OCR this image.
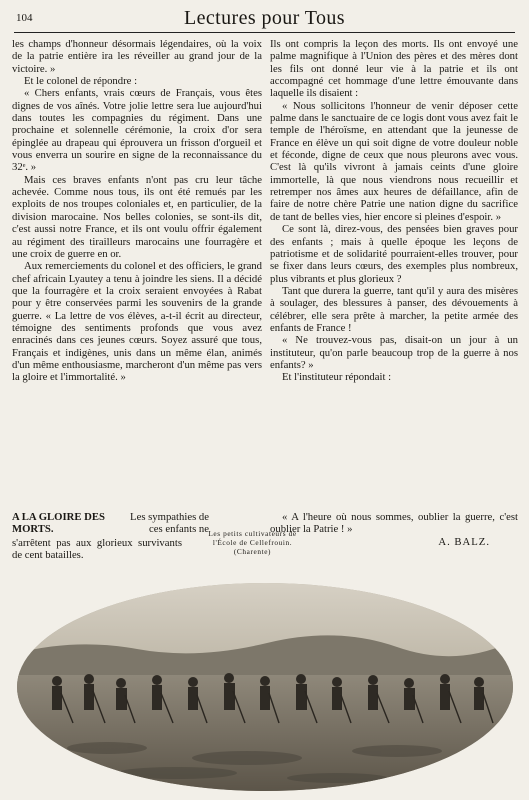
104	Lectures pour Tous

les champs d'honneur désormais légendaires, où la voix de la patrie entière ira les réveiller au grand jour de la victoire. »

Et le colonel de répondre :

« Chers enfants, vrais cœurs de Français, vous êtes dignes de vos aînés. Votre jolie lettre sera lue aujourd'hui dans toutes les compagnies du régiment. Dans une prochaine et solennelle cérémonie, la croix d'or sera épinglée au drapeau qui éprouvera un frisson d'orgueil et vous enverra un sourire en signe de la reconnaissance du 32ᵉ. »

Mais ces braves enfants n'ont pas cru leur tâche achevée. Comme nous tous, ils ont été remués par les exploits de nos troupes coloniales et, en particulier, de la division marocaine. Nos belles colonies, se sont-ils dit, c'est aussi notre France, et ils ont voulu offrir également au régiment des tirailleurs marocains une fourragère et une croix de guerre en or.

Aux remerciements du colonel et des officiers, le grand chef africain Lyautey a tenu à joindre les siens. Il a décidé que la fourragère et la croix seraient envoyées à Rabat pour y être conservées parmi les souvenirs de la grande guerre. « La lettre de vos élèves, a-t-il écrit au directeur, témoigne des sentiments profonds que vous avez enracinés dans ces jeunes cœurs. Soyez assuré que tous, Français et indigènes, unis dans un même élan, animés d'un même enthousiasme, marcheront d'un même pas vers la gloire et l'immortalité. »

Ils ont compris la leçon des morts. Ils ont envoyé une palme magnifique à l'Union des pères et des mères dont les fils ont donné leur vie à la patrie et ils ont accompagné cet hommage d'une lettre émouvante dans laquelle ils disaient :

« Nous sollicitons l'honneur de venir déposer cette palme dans le sanctuaire de ce logis dont vous avez fait le temple de l'héroïsme, en attendant que la jeunesse de France en élève un qui soit digne de votre douleur noble et féconde, digne de ceux que nous pleurons avec vous. C'est là qu'ils vivront à jamais ceints d'une gloire immortelle, là que nous viendrons nous recueillir et retremper nos âmes aux heures de défaillance, afin de faire de notre chère Patrie une nation digne du sacrifice de tant de belles vies, hier encore si pleines d'espoir. »

Ce sont là, direz-vous, des pensées bien graves pour des enfants ; mais à quelle époque les leçons de patriotisme et de solidarité pourraient-elles trouver, pour se fixer dans leurs cœurs, des exemples plus nombreux, plus vibrants et plus glorieux ?

Tant que durera la guerre, tant qu'il y aura des misères à soulager, des blessures à panser, des dévouements à célébrer, elle sera prête à marcher, la petite armée des enfants de France !

« Ne trouvez-vous pas, disait-on un jour à un instituteur, qu'on parle beaucoup trop de la guerre à nos enfants? »

Et l'instituteur répondait :

A LA GLOIRE DES MORTS.
Les sympathies de ces enfants ne
s'arrêtent pas aux glorieux survivants de cent batailles.
Les petits cultivateurs de
l'École de Cellefrouin.
(Charente)

« A l'heure où nous sommes, oublier la guerre, c'est oublier la Patrie ! »

A. BALZ.
